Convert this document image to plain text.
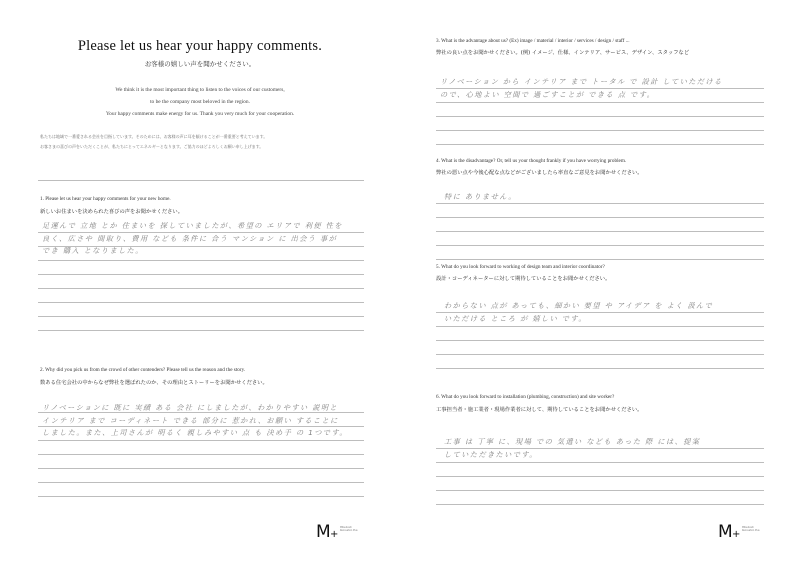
Please let us hear your happy comments.
お客様の嬉しい声を聞かせください。
We think it is the most important thing to listen to the voices of our customers,
to be the company most beloved in the region.
Your happy comments make energy for us. Thank you very much for your cooperation.
私たちは地域で一番愛される会社を目指しています。そのためには、お客様の声に耳を傾けることが一番重要と考えています。
お客さまの喜びの声をいただくことが、私たちにとってエネルギーとなります。ご協力のほどよろしくお願い申し上げます。
1. Please let us hear your happy comments for your new home.
新しいお住まいを決められた喜びの声をお聞かせください。
足運んで 立地 とか 住まいを 探していましたが、希望の エリアで 利便 性を
良く、広さや 間取り、費用 なども 条件に 合う マンション に 出会う 事が
でき 購入 となりました。
2. Why did you pick us from the crowd of other contenders? Please tell us the reason and the story.
数ある住宅会社の中からなぜ弊社を選ばれたのか、その理由とストーリーをお聞かせください。
リノベーションに 既に 実績 ある 会社 にしましたが、わかりやすい 説明と
インテリア まで コーディネート できる 部分に 惹かれ、お願い することに
しました。また、上司さんが 明るく 親しみやすい 点 も 決め手 の 1つです。
M +
Mitsuboshi Renovation Plus
3. What is the advantage about us? (Ex) image / material / interior / services / design / staff ...
弊社の良い点をお聞かせください。(例) イメージ、仕様、インテリア、サービス、デザイン、スタッフなど
リノベーション から インテリア まで トータル で 設計 していただける
ので、心地よい 空間で 過ごすことが できる 点 です。
4. What is the disadvantage? Or, tell us your thought frankly if you have worrying problem.
弊社の悪い点や今後心配な点などがございましたら率直なご意見をお聞かせください。
特に ありません。
5. What do you look forward to working of design team and interior coordinator?
設計・コーディネーターに対して期待していることをお聞かせください。
わからない 点が あっても、細かい 要望 や アイデア を よく 汲んで
いただける ところ が 嬉しい です。
6. What do you look forward to installation (plumbing, construction) and site worker?
工事担当者・施工業者・現場作業者に対して、期待していることをお聞かせください。
工事 は 丁寧 に、現場 での 気遣い なども あった 際 には、提案
していただきたいです。
M +
Mitsuboshi Renovation Plus
